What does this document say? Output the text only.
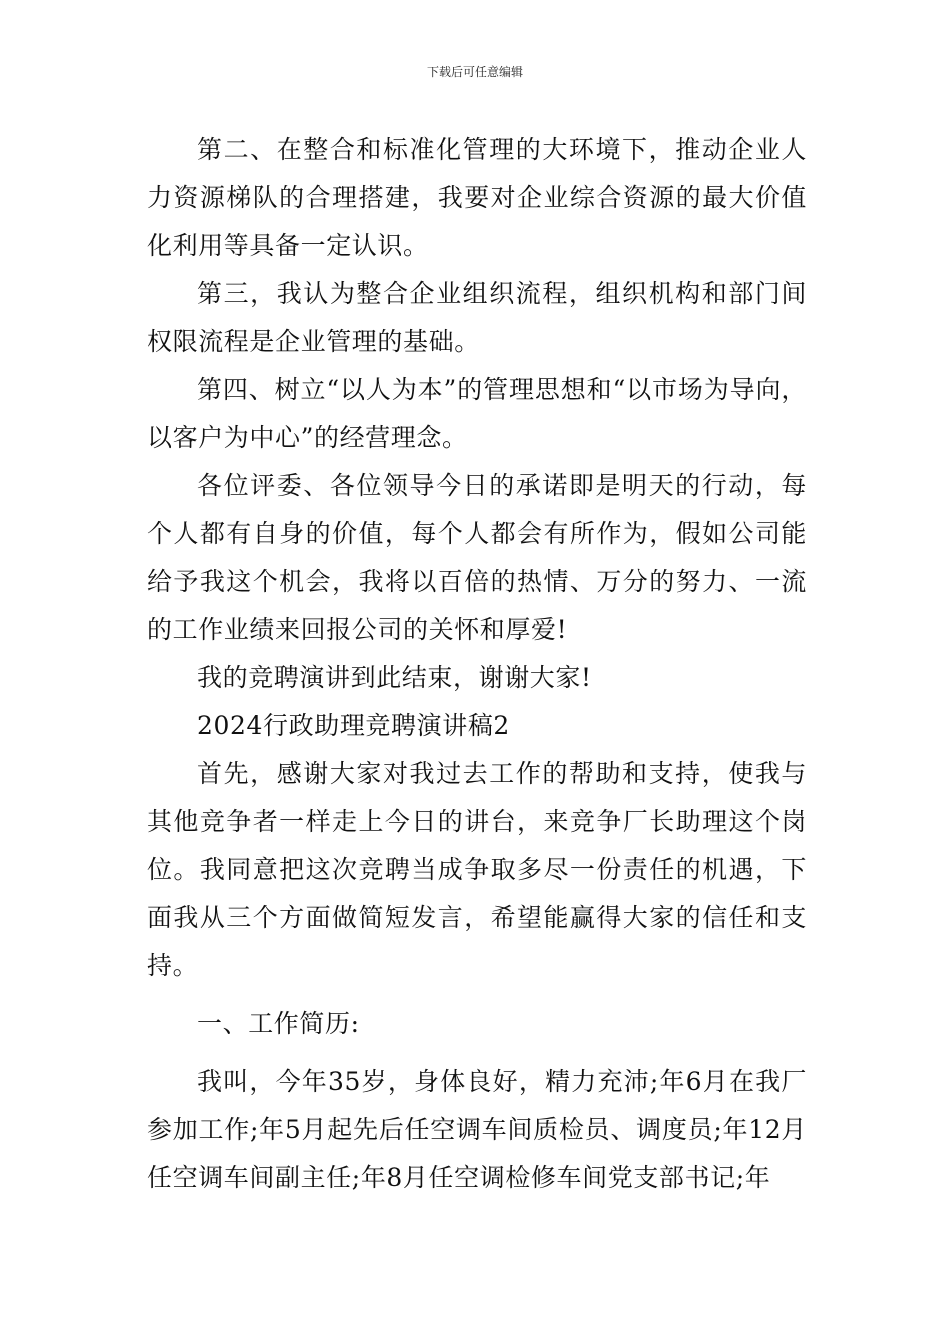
下载后可任意编辑

第二、在整合和标准化管理的大环境下，推动企业人力资源梯队的合理搭建，我要对企业综合资源的最大价值化利用等具备一定认识。

第三，我认为整合企业组织流程，组织机构和部门间权限流程是企业管理的基础。

第四、树立“以人为本”的管理思想和“以市场为导向，以客户为中心”的经营理念。

各位评委、各位领导今日的承诺即是明天的行动，每个人都有自身的价值，每个人都会有所作为，假如公司能给予我这个机会，我将以百倍的热情、万分的努力、一流的工作业绩来回报公司的关怀和厚爱!

我的竞聘演讲到此结束，谢谢大家!

2024行政助理竞聘演讲稿2

首先，感谢大家对我过去工作的帮助和支持，使我与其他竞争者一样走上今日的讲台，来竞争厂长助理这个岗位。我同意把这次竞聘当成争取多尽一份责任的机遇，下面我从三个方面做简短发言，希望能赢得大家的信任和支持。

一、工作简历:

我叫，今年35岁，身体良好，精力充沛;年6月在我厂参加工作;年5月起先后任空调车间质检员、调度员;年12月任空调车间副主任;年8月任空调检修车间党支部书记;年
